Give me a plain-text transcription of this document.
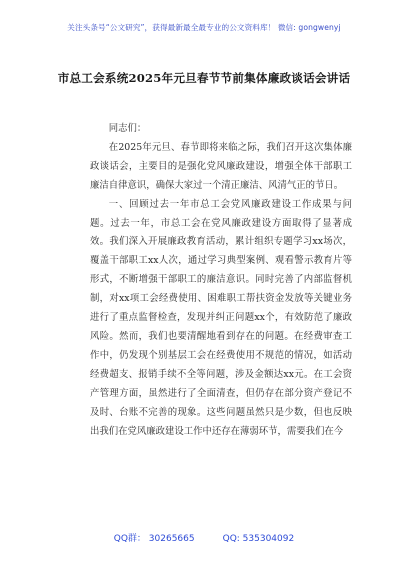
关注头条号“公文研究”，获得最新最全最专业的公文资料库！ 微信: gongwenyj
市总工会系统2025年元旦春节节前集体廉政谈话会讲话

同志们：

在2025年元旦、春节即将来临之际，我们召开这次集体廉政谈话会，主要目的是强化党风廉政建设，增强全体干部职工廉洁自律意识，确保大家过一个清正廉洁、风清气正的节日。

一、回顾过去一年市总工会党风廉政建设工作成果与问题。过去一年，市总工会在党风廉政建设方面取得了显著成效。我们深入开展廉政教育活动，累计组织专题学习xx场次，覆盖干部职工xx人次，通过学习典型案例、观看警示教育片等形式，不断增强干部职工的廉洁意识。同时完善了内部监督机制，对xx项工会经费使用、困难职工帮扶资金发放等关键业务进行了重点监督检查，发现并纠正问题xx个，有效防范了廉政风险。然而，我们也要清醒地看到存在的问题。在经费审查工作中，仍发现个别基层工会在经费使用不规范的情况，如活动经费超支、报销手续不全等问题，涉及金额达xx元。在工会资产管理方面，虽然进行了全面清查，但仍存在部分资产登记不及时、台账不完善的现象。这些问题虽然只是少数，但也反映出我们在党风廉政建设工作中还存在薄弱环节，需要我们在今

QQ群： 30265665	QQ: 535304092
